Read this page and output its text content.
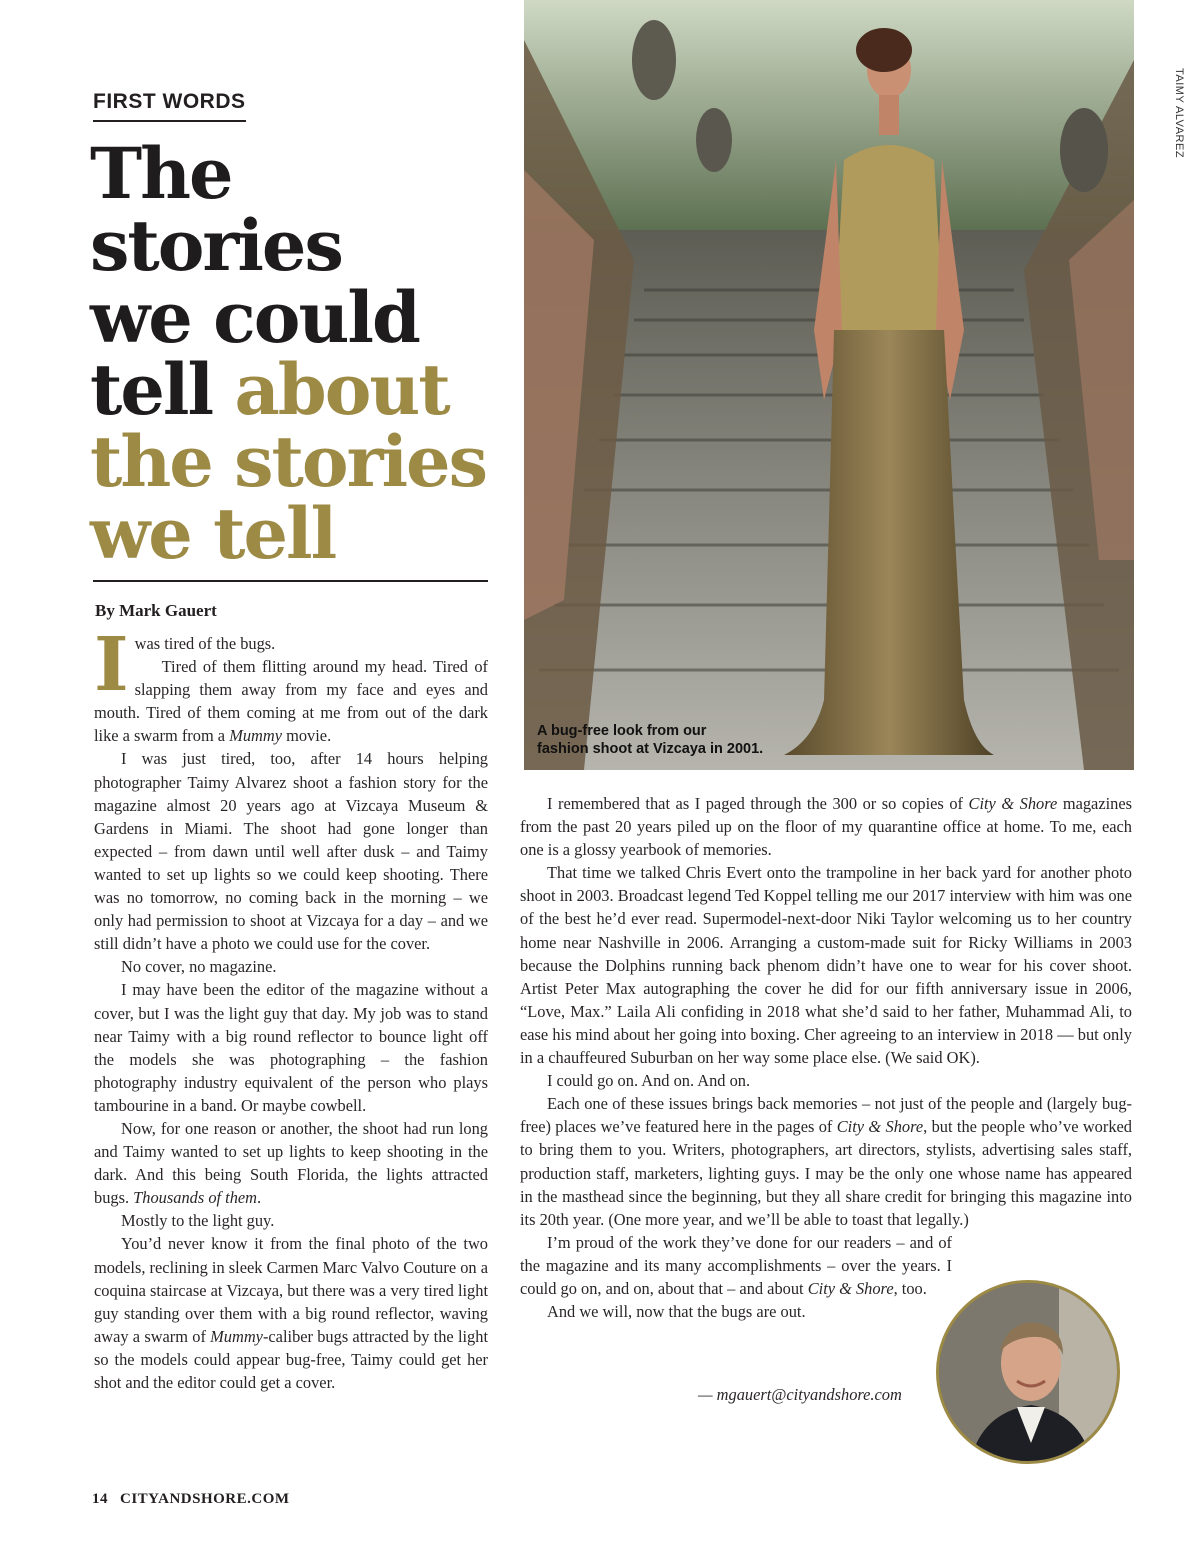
FIRST WORDS
The
stories
we could
tell about
the stories
we tell
By Mark Gauert

Iwas tired of the bugs.

Tired of them flitting around my head. Tired of slapping them away from my face and eyes and mouth. Tired of them coming at me from out of the dark like a swarm from a Mummy movie.

I was just tired, too, after 14 hours helping photographer Taimy Alvarez shoot a fashion story for the magazine almost 20 years ago at Vizcaya Museum & Gardens in Miami. The shoot had gone longer than expected – from dawn until well after dusk – and Taimy wanted to set up lights so we could keep shooting. There was no tomorrow, no coming back in the morning – we only had permission to shoot at Vizcaya for a day – and we still didn’t have a photo we could use for the cover.

No cover, no magazine.

I may have been the editor of the magazine without a cover, but I was the light guy that day. My job was to stand near Taimy with a big round reflector to bounce light off the models she was photographing – the fashion photography industry equivalent of the person who plays tambourine in a band. Or maybe cowbell.

Now, for one reason or another, the shoot had run long and Taimy wanted to set up lights to keep shooting in the dark. And this being South Florida, the lights attracted bugs. Thousands of them.

Mostly to the light guy.

You’d never know it from the final photo of the two models, reclining in sleek Carmen Marc Valvo Couture on a coquina staircase at Vizcaya, but there was a very tired light guy standing over them with a big round reflector, waving away a swarm of Mummy-caliber bugs attracted by the light so the models could appear bug-free, Taimy could get her shot and the editor could get a cover.

A bug-free look from our
fashion shoot at Vizcaya in 2001.
TAIMY ALVAREZ

I remembered that as I paged through the 300 or so copies of City & Shore magazines from the past 20 years piled up on the floor of my quarantine office at home. To me, each one is a glossy yearbook of memories.

That time we talked Chris Evert onto the trampoline in her back yard for another photo shoot in 2003. Broadcast legend Ted Koppel telling me our 2017 interview with him was one of the best he’d ever read. Supermodel-next-door Niki Taylor welcoming us to her country home near Nashville in 2006. Arranging a custom-made suit for Ricky Williams in 2003 because the Dolphins running back phenom didn’t have one to wear for his cover shoot. Artist Peter Max autographing the cover he did for our fifth anniversary issue in 2006, “Love, Max.” Laila Ali confiding in 2018 what she’d said to her father, Muhammad Ali, to ease his mind about her going into boxing. Cher agreeing to an interview in 2018 — but only in a chauffeured Suburban on her way some place else. (We said OK).

I could go on. And on. And on.

Each one of these issues brings back memories – not just of the people and (largely bug-free) places we’ve featured here in the pages of City & Shore, but the people who’ve worked to bring them to you. Writers, photographers, art directors, stylists, advertising sales staff, production staff, marketers, lighting guys. I may be the only one whose name has appeared in the masthead since the beginning, but they all share credit for bringing this magazine into its 20th year. (One more year, and we’ll be able to toast that legally.)

I’m proud of the work they’ve done for our readers – and of the magazine and its many accomplishments – over the years. I could go on, and on, about that – and about City & Shore, too.

And we will, now that the bugs are out.

— mgauert@cityandshore.com
14 CITYANDSHORE.COM
